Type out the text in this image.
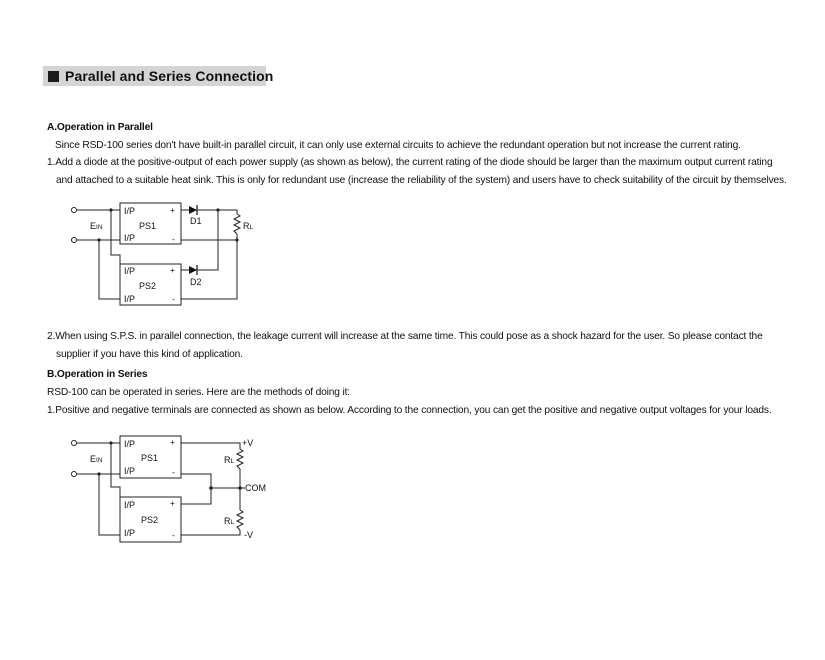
Parallel and Series Connection
A.Operation in Parallel
Since RSD-100 series don't have built-in parallel circuit, it can only use external circuits to achieve the redundant operation but not increase the current rating.
1.Add a diode at the positive-output of each power supply (as shown as below), the current rating of the diode should be larger than the maximum output current rating
and attached to a suitable heat sink. This is only for redundant use (increase the reliability of the system) and users have to check suitability of the circuit by themselves.
EIN
I/P
I/P
PS1
+
-
I/P
I/P
PS2
+
-
D1
D2
RL
2.When using S.P.S. in parallel connection, the leakage current will increase at the same time. This could pose as a shock hazard for the user. So please contact the
supplier if you have this kind of application.
B.Operation in Series
RSD-100 can be operated in series. Here are the methods of doing it:
1.Positive and negative terminals are connected as shown as below. According to the connection, you can get the positive and negative output voltages for your loads.
EIN
I/P
I/P
PS1
+
-
I/P
I/P
PS2
+
-
RL
RL
+V
COM
-V
